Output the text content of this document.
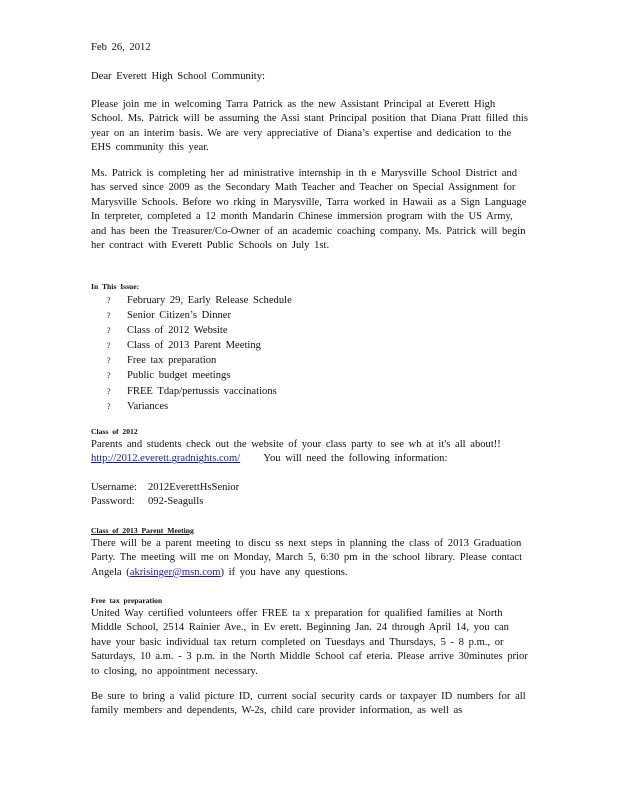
Feb 26, 2012
Dear Everett High School Community:

Please join me in welcoming Tarra Patrick as the new Assistant Principal at Everett High School. Ms. Patrick will be assuming the Assi stant Principal position that Diana Pratt filled this year on an interim basis. We are very appreciative of Diana’s expertise and dedication to the EHS community this year.

Ms. Patrick is completing her ad ministrative internship in th e Marysville School District and has served since 2009 as the Secondary Math Teacher and Teacher on Special Assignment for Marysville Schools. Before wo rking in Marysville, Tarra worked in Hawaii as a Sign Language In terpreter, completed a 12 month Mandarin Chinese immersion program with the US Army, and has been the Treasurer/Co-Owner of an academic coaching company. Ms. Patrick will begin her contract with Everett Public Schools on July 1st.

In This Issue:
?	February 29, Early Release Schedule
?	Senior Citizen’s Dinner
?	Class of 2012 Website
?	Class of 2013 Parent Meeting
?	Free tax preparation
?	Public budget meetings
?	FREE Tdap/pertussis vaccinations
?	Variances
Class of 2012

Parents and students check out the website of your class party to see wh at it's all about!! http://2012.everett.gradnights.com/ You will need the following information:

Username:	2012EverettHsSenior
Password:	092-Seagulls
Class of 2013 Parent Meeting

There will be a parent meeting to discu ss next steps in planning the class of 2013 Graduation Party. The meeting will me on Monday, March 5, 6:30 pm in the school library. Please contact Angela (akrisinger@msn.com) if you have any questions.

Free tax preparation

United Way certified volunteers offer FREE ta x preparation for qualified families at North Middle School, 2514 Rainier Ave., in Ev erett. Beginning Jan. 24 through April 14, you can have your basic individual tax return completed on Tuesdays and Thursdays, 5 - 8 p.m., or Saturdays, 10 a.m. - 3 p.m. in the North Middle School caf eteria. Please arrive 30minutes prior to closing, no appointment necessary.

Be sure to bring a valid picture ID, current social security cards or taxpayer ID numbers for all family members and dependents, W-2s, child care provider information, as well as
